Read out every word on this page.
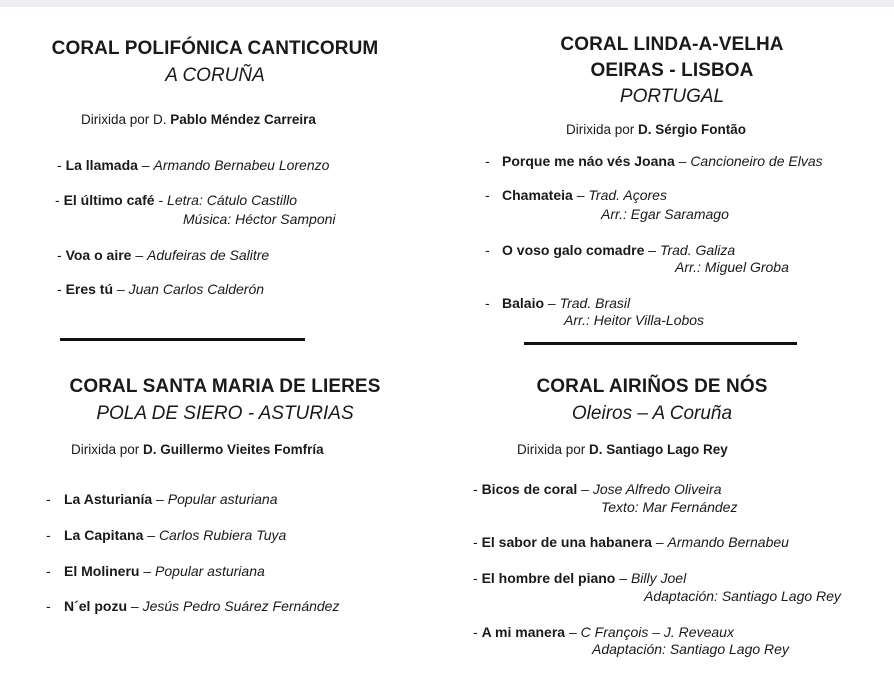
CORAL POLIFÓNICA CANTICORUM
A CORUÑA
Dirixida por D. Pablo Méndez Carreira
- La llamada – Armando Bernabeu Lorenzo
- El último café - Letra: Cátulo Castillo
Música: Héctor Samponi
- Voa o aire – Adufeiras de Salitre
- Eres tú – Juan Carlos Calderón
CORAL LINDA-A-VELHA
OEIRAS - LISBOA
PORTUGAL
Dirixida por D. Sérgio Fontão
- Porque me náo vés Joana – Cancioneiro de Elvas
- Chamateia – Trad. Açores
Arr.: Egar Saramago
- O voso galo comadre – Trad. Galiza
Arr.: Miguel Groba
- Balaio – Trad. Brasil
Arr.: Heitor Villa-Lobos
CORAL SANTA MARIA DE LIERES
POLA DE SIERO - ASTURIAS
Dirixida por D. Guillermo Vieites Fomfría
- La Asturianía – Popular asturiana
- La Capitana – Carlos Rubiera Tuya
- El Molineru – Popular asturiana
- N´el pozu – Jesús Pedro Suárez Fernández
CORAL AIRIÑOS DE NÓS
Oleiros – A Coruña
Dirixida por D. Santiago Lago Rey
- Bicos de coral – Jose Alfredo Oliveira
Texto: Mar Fernández
- El sabor de una habanera – Armando Bernabeu
- El hombre del piano – Billy Joel
Adaptación: Santiago Lago Rey
- A mi manera – C François – J. Reveaux
Adaptación: Santiago Lago Rey
